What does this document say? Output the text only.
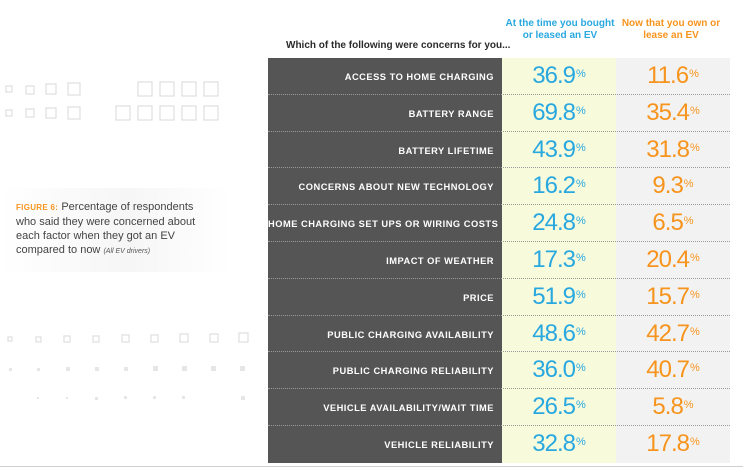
FIGURE 6: Percentage of respondents who said they were concerned about each factor when they got an EV compared to now (All EV drivers)
Which of the following were concerns for you...
At the time you bought or leased an EV
Now that you own or lease an EV
ACCESS TO HOME CHARGING	36.9%	11.6%
BATTERY RANGE	69.8%	35.4%
BATTERY LIFETIME	43.9%	31.8%
CONCERNS ABOUT NEW TECHNOLOGY	16.2%	9.3%
HOME CHARGING SET UPS OR WIRING COSTS	24.8%	6.5%
IMPACT OF WEATHER	17.3%	20.4%
PRICE	51.9%	15.7%
PUBLIC CHARGING AVAILABILITY	48.6%	42.7%
PUBLIC CHARGING RELIABILITY	36.0%	40.7%
VEHICLE AVAILABILITY/WAIT TIME	26.5%	5.8%
VEHICLE RELIABILITY	32.8%	17.8%
